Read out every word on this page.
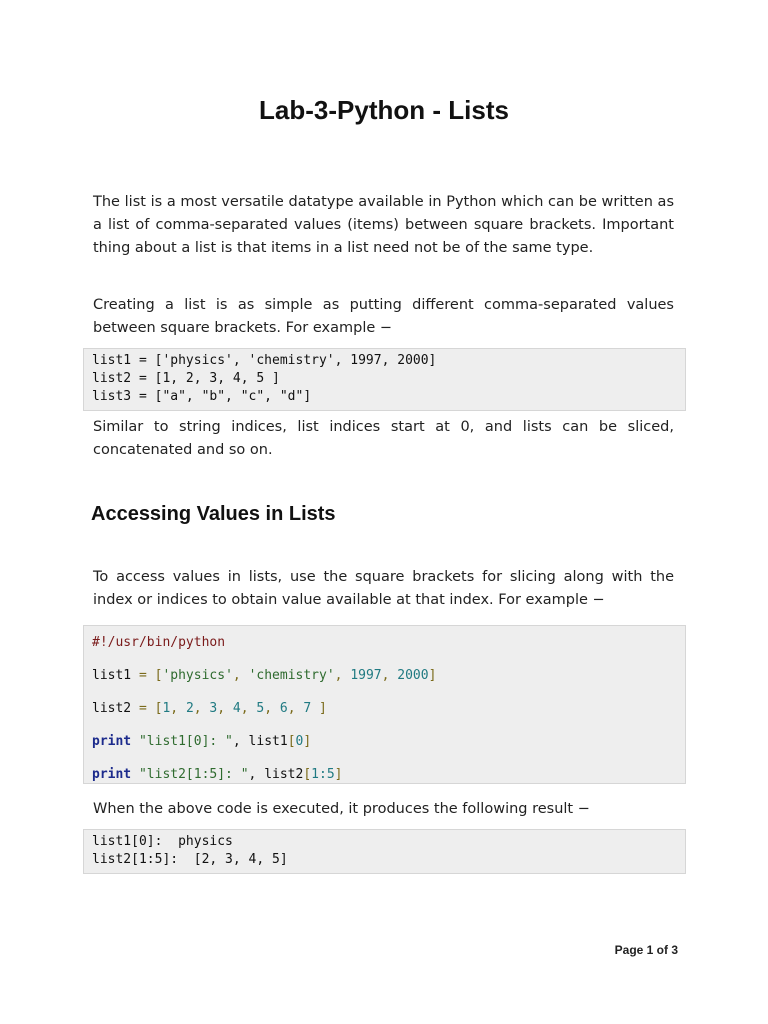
Lab-3-Python - Lists
The list is a most versatile datatype available in Python which can be written as a list of comma-separated values (items) between square brackets. Important thing about a list is that items in a list need not be of the same type.
Creating a list is as simple as putting different comma-separated values between square brackets. For example −
list1 = ['physics', 'chemistry', 1997, 2000]
list2 = [1, 2, 3, 4, 5 ]
list3 = ["a", "b", "c", "d"]
Similar to string indices, list indices start at 0, and lists can be sliced, concatenated and so on.
Accessing Values in Lists
To access values in lists, use the square brackets for slicing along with the index or indices to obtain value available at that index. For example −
#!/usr/bin/python
list1 = ['physics', 'chemistry', 1997, 2000]
list2 = [1, 2, 3, 4, 5, 6, 7 ]
print "list1[0]: ", list1[0]
print "list2[1:5]: ", list2[1:5]
When the above code is executed, it produces the following result −
list1[0]:  physics
list2[1:5]:  [2, 3, 4, 5]
Page 1 of 3
